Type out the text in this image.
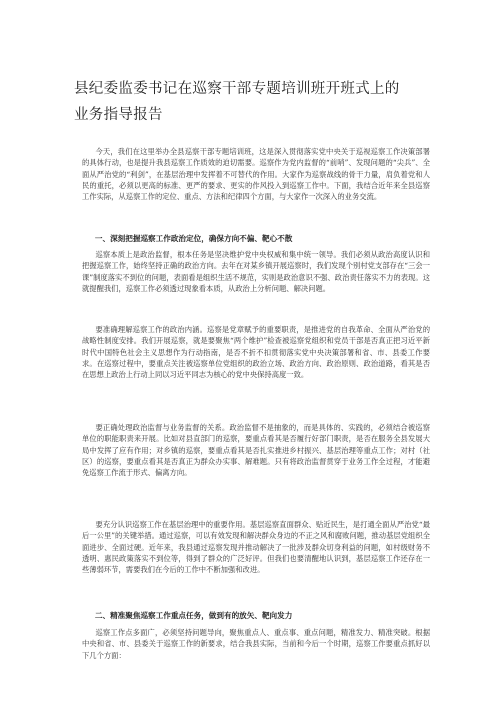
县纪委监委书记在巡察干部专题培训班开班式上的
业务指导报告

今天，我们在这里举办全县巡察干部专题培训班，这是深入贯彻落实党中央关于巡视巡察工作决策部署的具体行动，也是提升我县巡察工作质效的迫切需要。巡察作为党内监督的“前哨”、发现问题的“尖兵”、全面从严治党的“利剑”，在基层治理中发挥着不可替代的作用。大家作为巡察战线的骨干力量，肩负着党和人民的重托，必须以更高的标准、更严的要求、更实的作风投入到巡察工作中。下面，我结合近年来全县巡察工作实际，从巡察工作的定位、重点、方法和纪律四个方面，与大家作一次深入的业务交流。

一、深刻把握巡察工作政治定位，确保方向不偏、靶心不散

巡察本质上是政治监督，根本任务是坚决维护党中央权威和集中统一领导。我们必须从政治高度认识和把握巡察工作，始终坚持正确的政治方向。去年在对某乡镇开展巡察时，我们发现个别村党支部存在“三会一课”制度落实不到位的问题，表面看是组织生活不规范，实则是政治意识不强、政治责任落实不力的表现。这就提醒我们，巡察工作必须透过现象看本质，从政治上分析问题、解决问题。

要准确理解巡察工作的政治内涵。巡察是党章赋予的重要职责，是推进党的自我革命、全面从严治党的战略性制度安排。我们开展巡察，就是要聚焦“两个维护”检查被巡察党组织和党员干部是否真正把习近平新时代中国特色社会主义思想作为行动指南，是否不折不扣贯彻落实党中央决策部署和省、市、县委工作要求。在巡察过程中，要重点关注被巡察单位党组织的政治立场、政治方向、政治原则、政治道路，看其是否在思想上政治上行动上同以习近平同志为核心的党中央保持高度一致。

要正确处理政治监督与业务监督的关系。政治监督不是抽象的，而是具体的、实践的，必须结合被巡察单位的职能职责来开展。比如对县直部门的巡察，要重点看其是否履行好部门职责，是否在服务全县发展大局中发挥了应有作用；对乡镇的巡察，要重点看其是否扎实推进乡村振兴、基层治理等重点工作；对村（社区）的巡察，要重点看其是否真正为群众办实事、解难题。只有将政治监督贯穿于业务工作全过程，才能避免巡察工作流于形式、偏离方向。

要充分认识巡察工作在基层治理中的重要作用。基层巡察直面群众、贴近民生，是打通全面从严治党“最后一公里”的关键举措。通过巡察，可以有效发现和解决群众身边的不正之风和腐败问题，推动基层党组织全面进步、全面过硬。近年来，我县通过巡察发现并推动解决了一批涉及群众切身利益的问题，如村级财务不透明、惠民政策落实不到位等，得到了群众的广泛好评。但我们也要清醒地认识到，基层巡察工作还存在一些薄弱环节，需要我们在今后的工作中不断加强和改进。

二、精准聚焦巡察工作重点任务，做到有的放矢、靶向发力

巡察工作点多面广，必须坚持问题导向，聚焦重点人、重点事、重点问题，精准发力、精准突破。根据中央和省、市、县委关于巡察工作的新要求，结合我县实际，当前和今后一个时期，巡察工作要重点抓好以下几个方面：
